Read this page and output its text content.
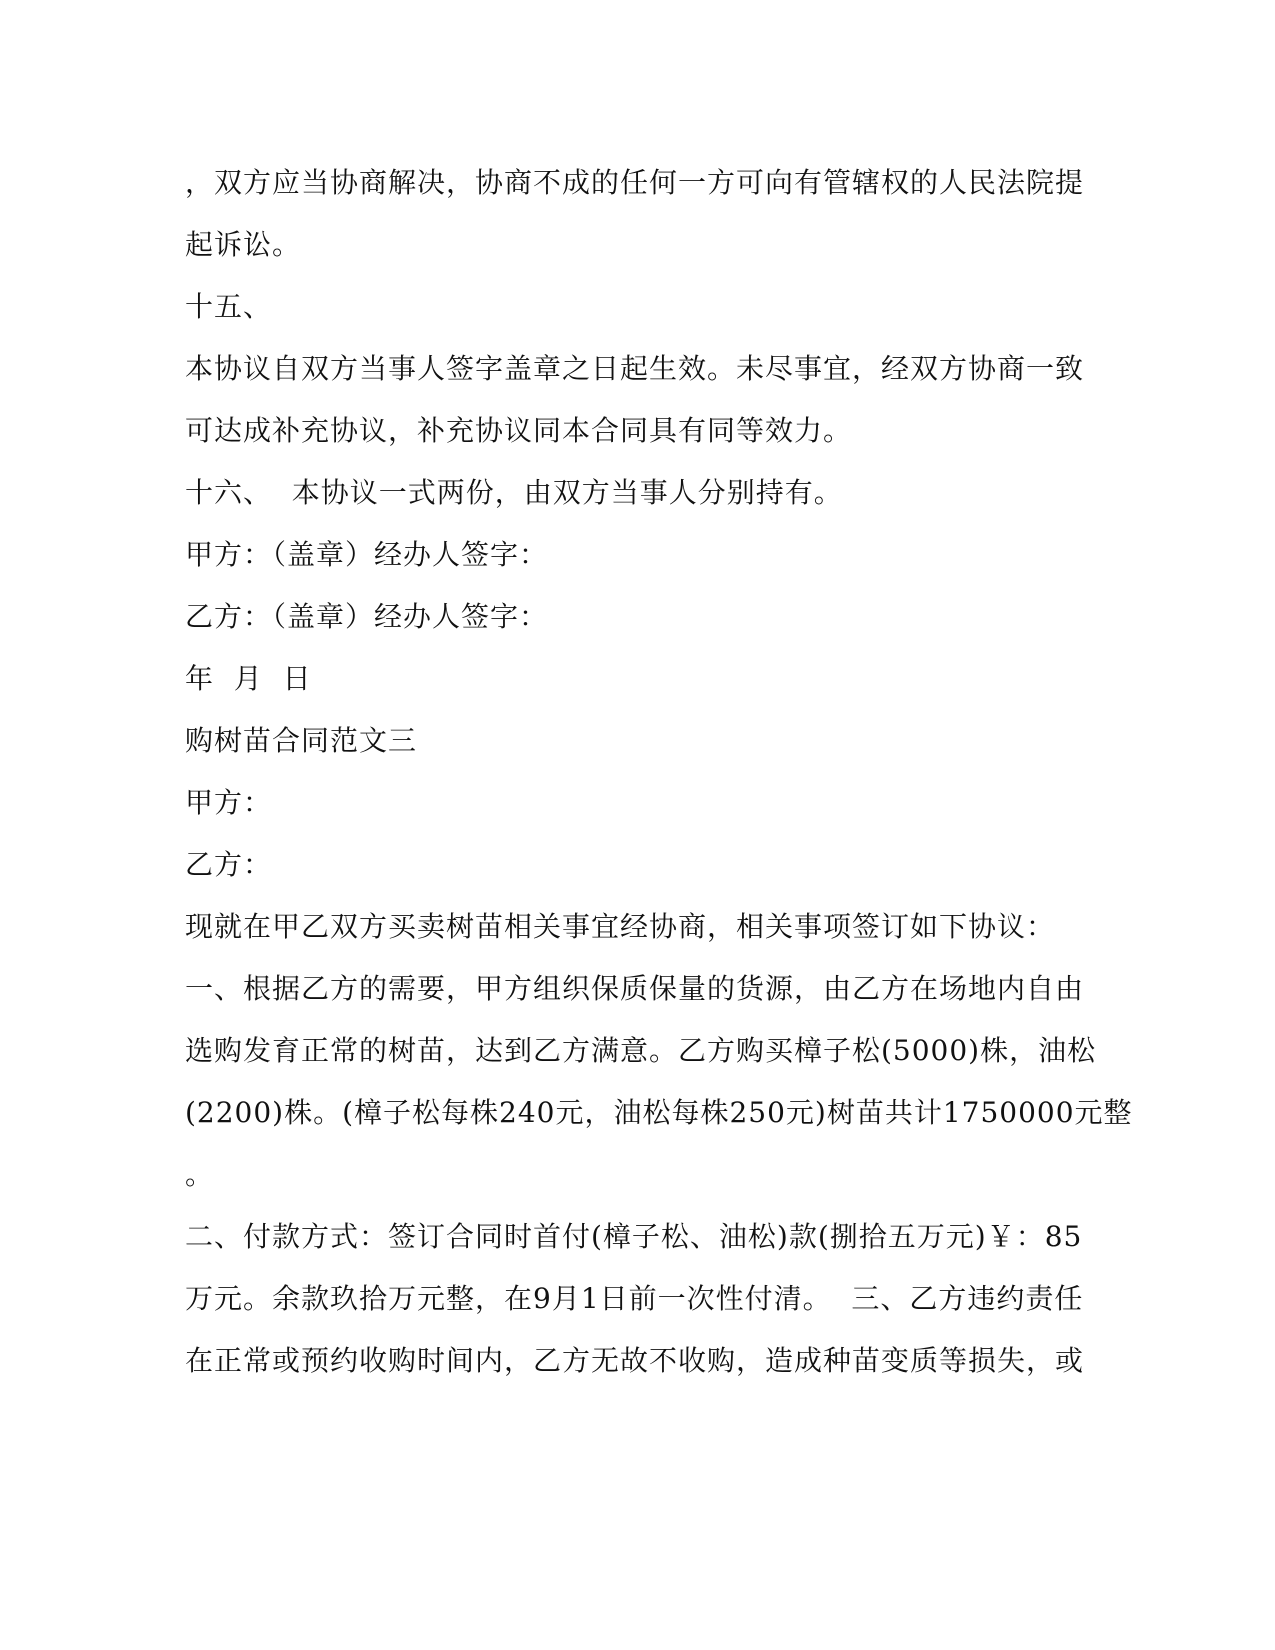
，双方应当协商解决，协商不成的任何一方可向有管辖权的人民法院提
起诉讼。
十五、
本协议自双方当事人签字盖章之日起生效。未尽事宜，经双方协商一致
可达成补充协议，补充协议同本合同具有同等效力。
十六、  本协议一式两份，由双方当事人分别持有。
甲方：（盖章）经办人签字：
乙方：（盖章）经办人签字：
年  月  日
购树苗合同范文三
甲方：
乙方：
现就在甲乙双方买卖树苗相关事宜经协商，相关事项签订如下协议：
一、根据乙方的需要，甲方组织保质保量的货源，由乙方在场地内自由
选购发育正常的树苗，达到乙方满意。乙方购买樟子松(5000)株，油松
(2200)株。(樟子松每株240元，油松每株250元)树苗共计1750000元整
。
二、付款方式：签订合同时首付(樟子松、油松)款(捌拾五万元)￥：85
万元。余款玖拾万元整，在9月1日前一次性付清。  三、乙方违约责任
在正常或预约收购时间内，乙方无故不收购，造成种苗变质等损失，或
